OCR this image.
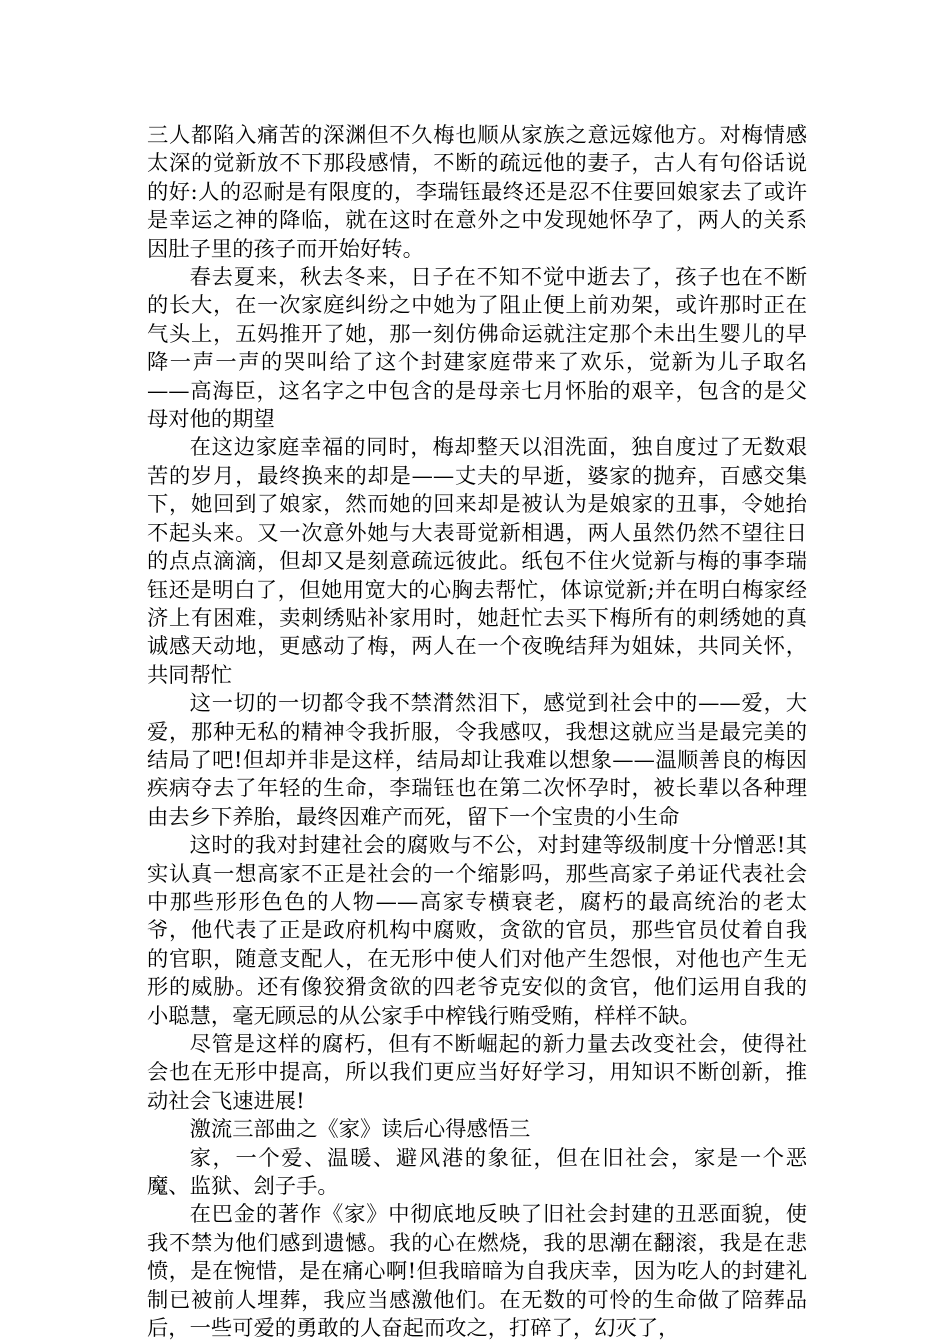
三人都陷入痛苦的深渊但不久梅也顺从家族之意远嫁他方。对梅情感太深的觉新放不下那段感情，不断的疏远他的妻子，古人有句俗话说的好:人的忍耐是有限度的，李瑞钰最终还是忍不住要回娘家去了或许是幸运之神的降临，就在这时在意外之中发现她怀孕了，两人的关系因肚子里的孩子而开始好转。

春去夏来，秋去冬来，日子在不知不觉中逝去了，孩子也在不断的长大，在一次家庭纠纷之中她为了阻止便上前劝架，或许那时正在气头上，五妈推开了她，那一刻仿佛命运就注定那个未出生婴儿的早降一声一声的哭叫给了这个封建家庭带来了欢乐，觉新为儿子取名——高海臣，这名字之中包含的是母亲七月怀胎的艰辛，包含的是父母对他的期望

在这边家庭幸福的同时，梅却整天以泪洗面，独自度过了无数艰苦的岁月，最终换来的却是——丈夫的早逝，婆家的抛弃，百感交集下，她回到了娘家，然而她的回来却是被认为是娘家的丑事，令她抬不起头来。又一次意外她与大表哥觉新相遇，两人虽然仍然不望往日的点点滴滴，但却又是刻意疏远彼此。纸包不住火觉新与梅的事李瑞钰还是明白了，但她用宽大的心胸去帮忙，体谅觉新;并在明白梅家经济上有困难，卖刺绣贴补家用时，她赶忙去买下梅所有的刺绣她的真诚感天动地，更感动了梅，两人在一个夜晚结拜为姐妹，共同关怀，共同帮忙

这一切的一切都令我不禁潸然泪下，感觉到社会中的——爱，大爱，那种无私的精神令我折服，令我感叹，我想这就应当是最完美的结局了吧!但却并非是这样，结局却让我难以想象——温顺善良的梅因疾病夺去了年轻的生命，李瑞钰也在第二次怀孕时，被长辈以各种理由去乡下养胎，最终因难产而死，留下一个宝贵的小生命

这时的我对封建社会的腐败与不公，对封建等级制度十分憎恶!其实认真一想高家不正是社会的一个缩影吗，那些高家子弟证代表社会中那些形形色色的人物——高家专横衰老，腐朽的最高统治的老太爷，他代表了正是政府机构中腐败，贪欲的官员，那些官员仗着自我的官职，随意支配人，在无形中使人们对他产生怨恨，对他也产生无形的威胁。还有像狡猾贪欲的四老爷克安似的贪官，他们运用自我的小聪慧，毫无顾忌的从公家手中榨钱行贿受贿，样样不缺。

尽管是这样的腐朽，但有不断崛起的新力量去改变社会，使得社会也在无形中提高，所以我们更应当好好学习，用知识不断创新，推动社会飞速进展!

激流三部曲之《家》读后心得感悟三

家，一个爱、温暖、避风港的象征，但在旧社会，家是一个恶魔、监狱、刽子手。

在巴金的著作《家》中彻底地反映了旧社会封建的丑恶面貌，使我不禁为他们感到遗憾。我的心在燃烧，我的思潮在翻滚，我是在悲愤，是在惋惜，是在痛心啊!但我暗暗为自我庆幸，因为吃人的封建礼制已被前人埋葬，我应当感激他们。在无数的可怜的生命做了陪葬品后，一些可爱的勇敢的人奋起而攻之，打碎了，幻灭了，
